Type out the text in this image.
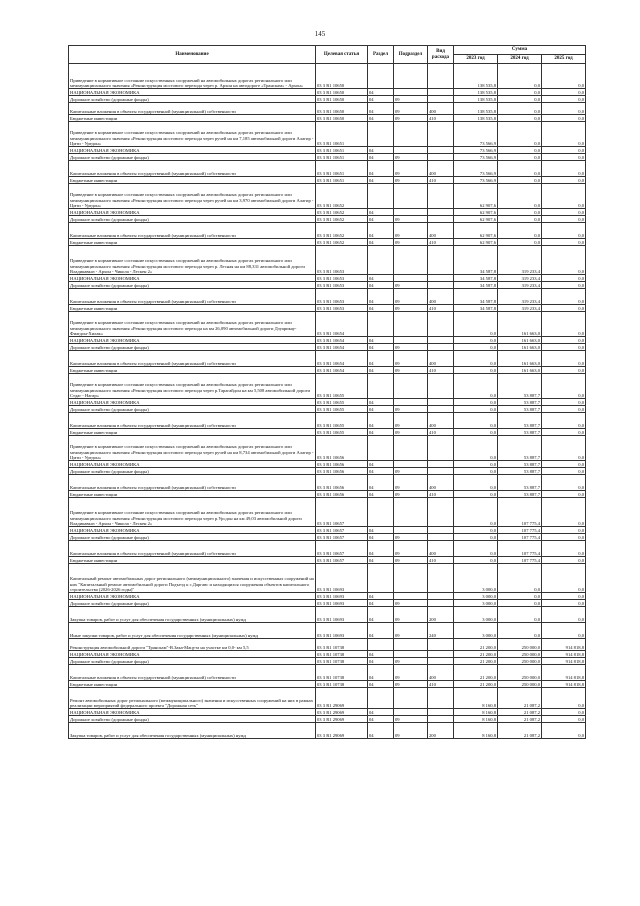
145
Наименование	Целевая статья	Раздел	Подраздел	Вид расхода	Сумма		
					2023 год	2024 год	2025 год
Приведение в нормативное состояние искусственных сооружений на автомобильных дорогах регионального или межмуниципального значения «Реконструкция мостового перехода через р. Архон на автодороге «Транскам» - Архон»	03 3 R1 10650				138 535,8	0,0	0,0
НАЦИОНАЛЬНАЯ ЭКОНОМИКА	03 3 R1 10650	04			138 535,8	0,0	0,0
Дорожное хозяйство (дорожные фонды)	03 3 R1 10650	04	09		138 535,8	0,0	0,0
Капитальные вложения в объекты государственной (муниципальной) собственности	03 3 R1 10650	04	09	400	138 535,8	0,0	0,0
Бюджетные инвестиции	03 3 R1 10650	04	09	410	138 535,8	0,0	0,0
Приведение в нормативное состояние искусственных сооружений на автомобильных дорогах регионального или межмуниципального значения «Реконструкция мостового перехода через ручей на км 7,185 автомобильной дороги Алагир - Цмти - Уредон»	03 3 R1 10651				73 566,9	0,0	0,0
НАЦИОНАЛЬНАЯ ЭКОНОМИКА	03 3 R1 10651	04			73 566,9	0,0	0,0
Дорожное хозяйство (дорожные фонды)	03 3 R1 10651	04	09		73 566,9	0,0	0,0
Капитальные вложения в объекты государственной (муниципальной) собственности	03 3 R1 10651	04	09	400	73 566,9	0,0	0,0
Бюджетные инвестиции	03 3 R1 10651	04	09	410	73 566,9	0,0	0,0
Приведение в нормативное состояние искусственных сооружений на автомобильных дорогах регионального или межмуниципального значения «Реконструкция мостового перехода через ручей на км 3,970 автомобильной дороги Алагир - Цмти - Уредон»	03 3 R1 10652				62 907,6	0,0	0,0
НАЦИОНАЛЬНАЯ ЭКОНОМИКА	03 3 R1 10652	04			62 907,6	0,0	0,0
Дорожное хозяйство (дорожные фонды)	03 3 R1 10652	04	09		62 907,6	0,0	0,0
Капитальные вложения в объекты государственной (муниципальной) собственности	03 3 R1 10652	04	09	400	62 907,6	0,0	0,0
Бюджетные инвестиции	03 3 R1 10652	04	09	410	62 907,6	0,0	0,0
Приведение в нормативное состояние искусственных сооружений на автомобильных дорогах регионального или межмуниципального значения «Реконструкция мостового перехода через р. Лесная на км 88,331 автомобильной дороги Владикавказ - Архон - Чикола - Лескен 2»	03 3 R1 10653				34 587,8	319 233,4	0,0
НАЦИОНАЛЬНАЯ ЭКОНОМИКА	03 3 R1 10653	04			34 587,8	319 233,4	0,0
Дорожное хозяйство (дорожные фонды)	03 3 R1 10653	04	09		34 587,8	319 233,4	0,0
Капитальные вложения в объекты государственной (муниципальной) собственности	03 3 R1 10653	04	09	400	34 587,8	319 233,4	0,0
Бюджетные инвестиции	03 3 R1 10653	04	09	410	34 587,8	319 233,4	0,0
Приведение в нормативное состояние искусственных сооружений на автомобильных дорогах регионального или межмуниципального значения «Реконструкция мостового перехода на км 26,090 автомобильной дороги Дзуарикау-Фиагдон-Хилак»	03 3 R1 10654				0,0	161 663,0	0,0
НАЦИОНАЛЬНАЯ ЭКОНОМИКА	03 3 R1 10654	04			0,0	161 663,0	0,0
Дорожное хозяйство (дорожные фонды)	03 3 R1 10654	04	09		0,0	161 663,0	0,0
Капитальные вложения в объекты государственной (муниципальной) собственности	03 3 R1 10654	04	09	400	0,0	161 663,0	0,0
Бюджетные инвестиции	03 3 R1 10654	04	09	410	0,0	161 663,0	0,0
Приведение в нормативное состояние искусственных сооружений на автомобильных дорогах регионального или межмуниципального значения «Реконструкция мостового перехода через р.Тарагайдон на км 5,508 автомобильной дороги Стдаг - Нагар»	03 3 R1 10655				0,0	53 887,7	0,0
НАЦИОНАЛЬНАЯ ЭКОНОМИКА	03 3 R1 10655	04			0,0	53 887,7	0,0
Дорожное хозяйство (дорожные фонды)	03 3 R1 10655	04	09		0,0	53 887,7	0,0
Капитальные вложения в объекты государственной (муниципальной) собственности	03 3 R1 10655	04	09	400	0,0	53 887,7	0,0
Бюджетные инвестиции	03 3 R1 10655	04	09	410	0,0	53 887,7	0,0
Приведение в нормативное состояние искусственных сооружений на автомобильных дорогах регионального или межмуниципального значения «Реконструкция мостового перехода через ручей на км 8,734 автомобильной дороги Алагир - Цмти - Уредон»	03 3 R1 10656				0,0	53 887,7	0,0
НАЦИОНАЛЬНАЯ ЭКОНОМИКА	03 3 R1 10656	04			0,0	53 887,7	0,0
Дорожное хозяйство (дорожные фонды)	03 3 R1 10656	04	09		0,0	53 887,7	0,0
Капитальные вложения в объекты государственной (муниципальной) собственности	03 3 R1 10656	04	09	400	0,0	53 887,7	0,0
Бюджетные инвестиции	03 3 R1 10656	04	09	410	0,0	53 887,7	0,0
Приведение в нормативное состояние искусственных сооружений на автомобильных дорогах регионального или межмуниципального значения «Реконструкция мостового перехода через р.Урсдон на км 49,03 автомобильной дороги Владикавказ - Архон - Чикола - Лескен 2»	03 3 R1 10657				0,0	107 775,4	0,0
НАЦИОНАЛЬНАЯ ЭКОНОМИКА	03 3 R1 10657	04			0,0	107 775,4	0,0
Дорожное хозяйство (дорожные фонды)	03 3 R1 10657	04	09		0,0	107 775,4	0,0
Капитальные вложения в объекты государственной (муниципальной) собственности	03 3 R1 10657	04	09	400	0,0	107 775,4	0,0
Бюджетные инвестиции	03 3 R1 10657	04	09	410	0,0	107 775,4	0,0
Капитальный ремонт автомобильных дорог регионального (межмуниципального) значения и искусственных сооружений на них "Капитальный ремонт автомобильной дороги Подъезд к с.Даргавс и находящихся сооружения объектов капитального строительства (2026-2026 годы)"	03 3 R1 10693				3 000,0	0,0	0,0
НАЦИОНАЛЬНАЯ ЭКОНОМИКА	03 3 R1 10693	04			3 000,0	0,0	0,0
Дорожное хозяйство (дорожные фонды)	03 3 R1 10693	04	09		3 000,0	0,0	0,0
Закупка товаров, работ и услуг для обеспечения государственных (муниципальных) нужд	03 3 R1 10693	04	09	200	3 000,0	0,0	0,0
Иные закупки товаров, работ и услуг для обеспечения государственных (муниципальных) нужд	03 3 R1 10693	04	09	240	3 000,0	0,0	0,0
Реконструкция автомобильной дороги "Транскам"-В.Зака-Мацута на участке км 0,0- км 5,5	03 3 R1 10738				21 200,0	250 000,0	914 818,8
НАЦИОНАЛЬНАЯ ЭКОНОМИКА	03 3 R1 10738	04			21 200,0	250 000,0	914 818,8
Дорожное хозяйство (дорожные фонды)	03 3 R1 10738	04	09		21 200,0	250 000,0	914 818,8
Капитальные вложения в объекты государственной (муниципальной) собственности	03 3 R1 10738	04	09	400	21 200,0	250 000,0	914 818,8
Бюджетные инвестиции	03 3 R1 10738	04	09	410	21 200,0	250 000,0	914 818,8
Ремонт автомобильных дорог регионального (межмуниципального) значения и искусственных сооружений на них в рамках реализации мероприятий федерального проекта "Дорожная сеть"	03 3 R1 29069				8 160,8	21 087,2	0,0
НАЦИОНАЛЬНАЯ ЭКОНОМИКА	03 3 R1 29069	04			8 160,8	21 087,2	0,0
Дорожное хозяйство (дорожные фонды)	03 3 R1 29069	04	09		8 160,8	21 087,2	0,0
Закупка товаров, работ и услуг для обеспечения государственных (муниципальных) нужд	03 3 R1 29069	04	09	200	8 160,8	21 087,2	0,0
